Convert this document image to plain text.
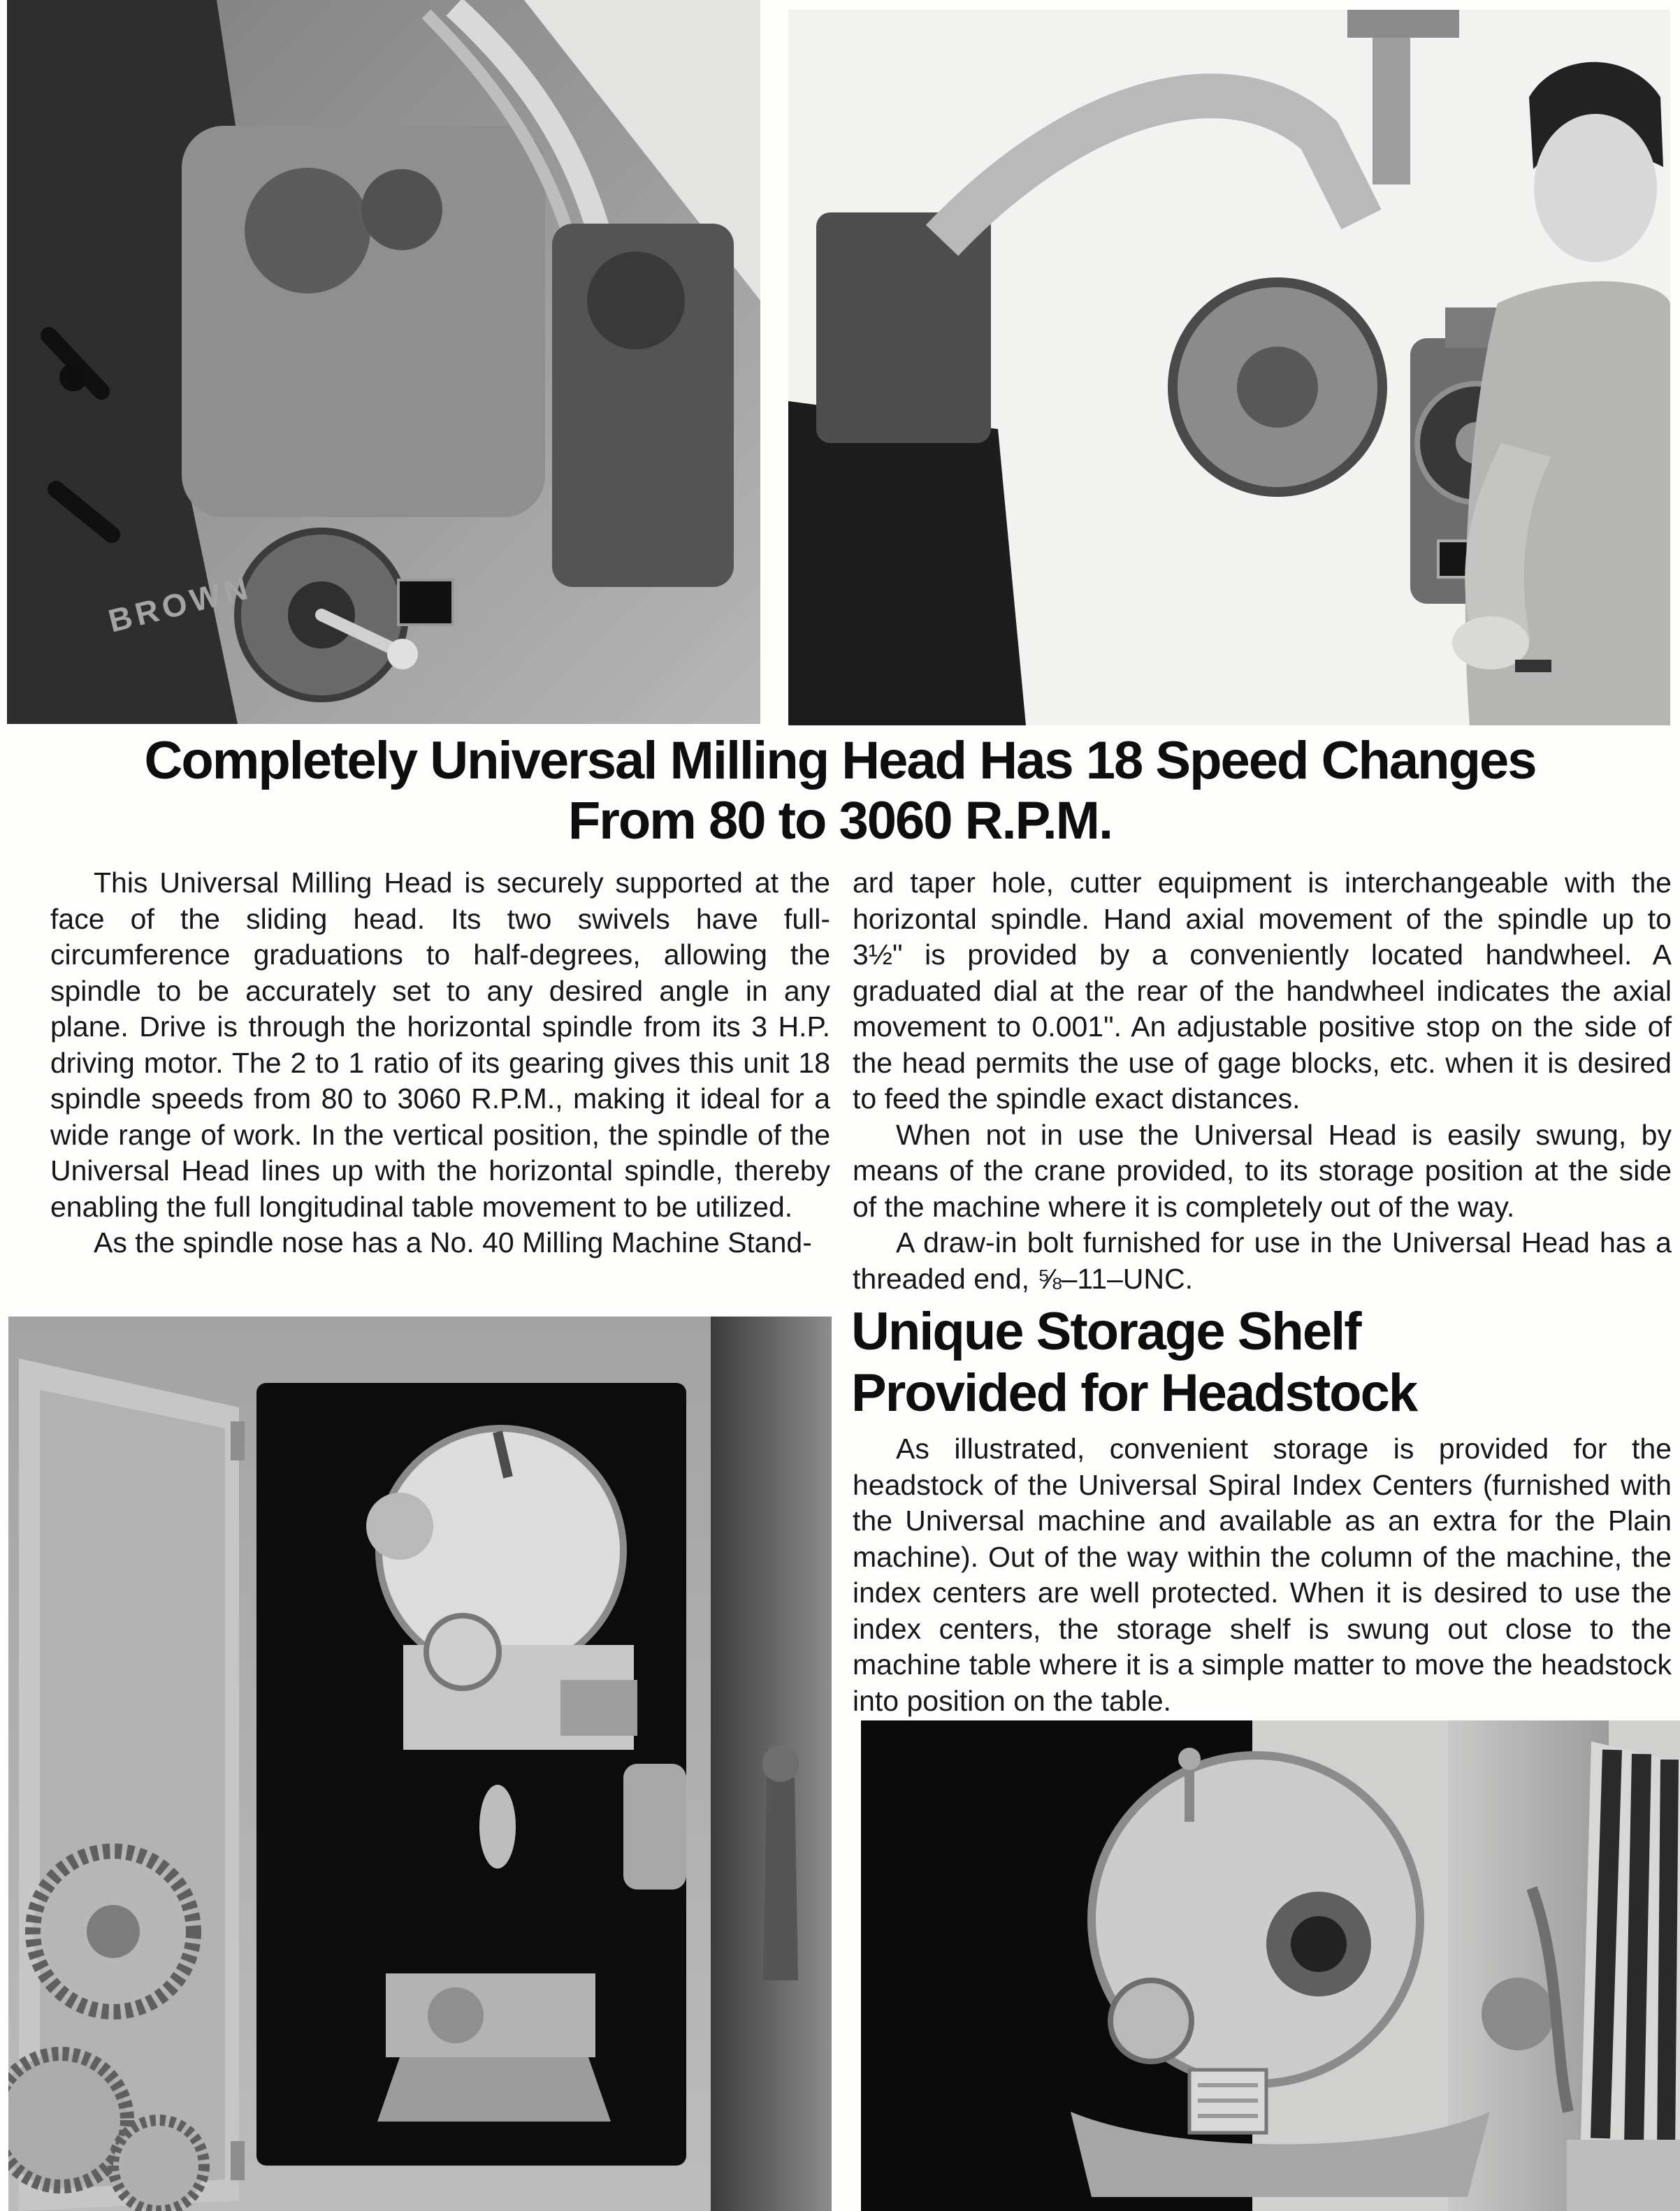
BROWN
Completely Universal Milling Head Has 18 Speed Changes
From 80 to 3060 R.P.M.

This Universal Milling Head is securely supported at the face of the sliding head. Its two swivels have full-circumference graduations to half-degrees, allowing the spindle to be accurately set to any desired angle in any plane. Drive is through the horizontal spindle from its 3 H.P. driving motor. The 2 to 1 ratio of its gearing gives this unit 18 spindle speeds from 80 to 3060 R.P.M., making it ideal for a wide range of work. In the vertical position, the spindle of the Universal Head lines up with the horizontal spindle, thereby enabling the full longitudinal table movement to be utilized.

As the spindle nose has a No. 40 Milling Machine Stand-

ard taper hole, cutter equipment is interchangeable with the horizontal spindle. Hand axial movement of the spindle up to 3½" is provided by a conveniently located handwheel. A graduated dial at the rear of the handwheel indicates the axial movement to 0.001". An adjustable positive stop on the side of the head permits the use of gage blocks, etc. when it is desired to feed the spindle exact distances.

When not in use the Universal Head is easily swung, by means of the crane provided, to its storage position at the side of the machine where it is completely out of the way.

A draw-in bolt furnished for use in the Universal Head has a threaded end, ⅝–11–UNC.

Unique Storage Shelf
Provided for Headstock

As illustrated, convenient storage is provided for the headstock of the Universal Spiral Index Centers (furnished with the Universal machine and available as an extra for the Plain machine). Out of the way within the column of the machine, the index centers are well protected. When it is desired to use the index centers, the storage shelf is swung out close to the machine table where it is a simple matter to move the headstock into position on the table.
